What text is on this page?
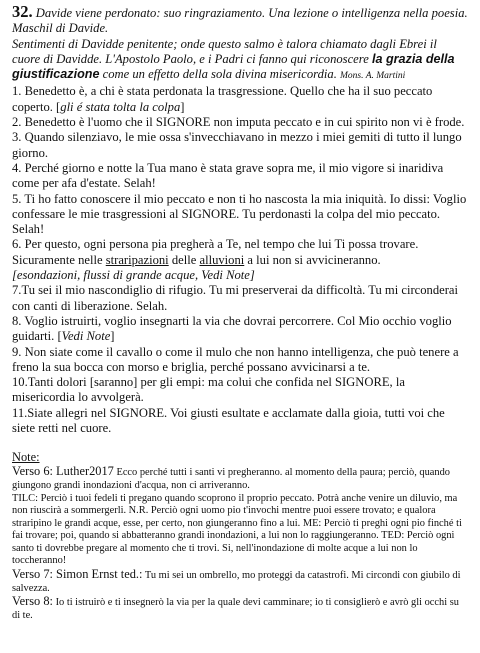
32. Davide viene perdonato: suo ringraziamento. Una lezione o intelligenza nella poesia. Maschil di Davide.

Sentimenti di Davidde penitente; onde questo salmo è talora chiamato dagli Ebrei il cuore di Davidde. L'Apostolo Paolo, e i Padri ci fanno qui riconoscere la grazia della giustificazione come un effetto della sola divina misericordia. Mons. A. Martini

1. Benedetto è, a chi è stata perdonata la trasgressione. Quello che ha il suo peccato coperto. [gli é stata tolta la colpa]

2. Benedetto è l'uomo che il SIGNORE non imputa peccato e in cui spirito non vi è frode.

3. Quando silenziavo, le mie ossa s'invecchiavano in mezzo i miei gemiti di tutto il lungo giorno.

4. Perché giorno e notte la Tua mano è stata grave sopra me, il mio vigore si inaridiva come per afa d'estate. Selah!

5. Ti ho fatto conoscere il mio peccato e non ti ho nascosta la mia iniquità. Io dissi: Voglio confessare le mie trasgressioni al SIGNORE. Tu perdonasti la colpa del mio peccato. Selah!

6. Per questo, ogni persona pia pregherà a Te, nel tempo che lui Ti possa trovare. Sicuramente nelle straripazioni delle alluvioni a lui non si avvicineranno.
[esondazioni, flussi di grande acque, Vedi Note]

7.Tu sei il mio nascondiglio di rifugio. Tu mi preserverai da difficoltà. Tu mi circonderai con canti di liberazione. Selah.

8. Voglio istruirti, voglio insegnarti la via che dovrai percorrere. Col Mio occhio voglio guidarti. [Vedi Note]

9. Non siate come il cavallo o come il mulo che non hanno intelligenza, che può tenere a freno la sua bocca con morso e briglia, perché possano avvicinarsi a te.

10.Tanti dolori [saranno] per gli empi: ma colui che confida nel SIGNORE, la misericordia lo avvolgerà.

11.Siate allegri nel SIGNORE. Voi giusti esultate e acclamate dalla gioia, tutti voi che siete retti nel cuore.

Note:

Verso 6: Luther2017 Ecco perché tutti i santi vi pregheranno. al momento della paura; perciò, quando giungono grandi inondazioni d'acqua, non ci arriveranno.

TILC: Perciò i tuoi fedeli ti pregano quando scoprono il proprio peccato. Potrà anche venire un diluvio, ma non riuscirà a sommergerli. N.R. Perciò ogni uomo pio t'invochi mentre puoi essere trovato; e qualora straripino le grandi acque, esse, per certo, non giungeranno fino a lui. ME: Perciò ti preghi ogni pio finché ti fai trovare; poi, quando si abbatteranno grandi inondazioni, a lui non lo raggiungeranno. TED: Perciò ogni santo ti dovrebbe pregare al momento che ti trovi. Si, nell'inondazione di molte acque a lui non lo toccheranno!

Verso 7: Simon Ernst ted.: Tu mi sei un ombrello, mo proteggi da catastrofi. Mi circondi con giubilo di salvezza.

Verso 8: Io ti istruirò e ti insegnerò la via per la quale devi camminare; io ti consiglierò e avrò gli occhi su di te.
